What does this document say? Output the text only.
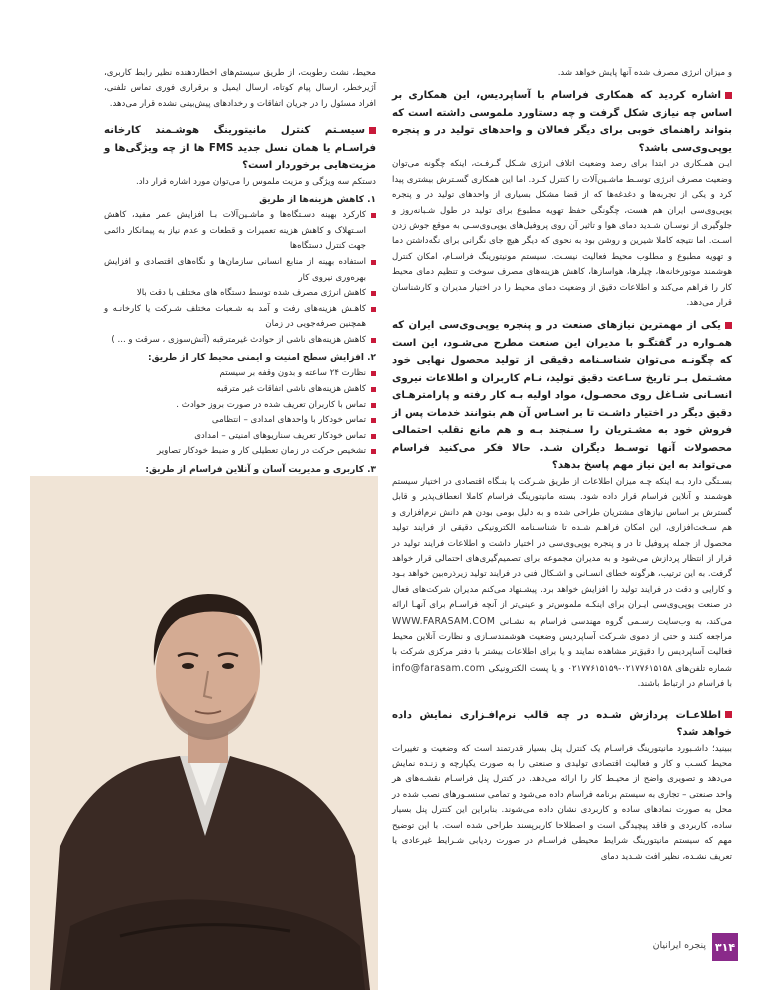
و میزان انرژی مصرف شده آنها پایش خواهد شد.

اشاره کردید که همکاری فراسام با آساپردیس، این همکاری بر اساس چه نیازی شکل گرفت و چه دستاورد ملموسی داشته است که بتواند راهنمای خوبی برای دیگر فعالان و واحدهای تولید در و پنجره یوپی‌وی‌سی باشد؟

ایـن همـکاری در ابتدا برای رصد وضعیت اتلاف انرژی شـکل گـرفـت، اینکه چگونه می‌توان وضعیت مصرف انرژی توسـط ماشـین‌آلات را کنترل کـرد. اما این همکاری گسـترش بیشتری پیدا کرد و یکی از تجربه‌ها و دغدغه‌ها که از قضا مشکل بسیاری از واحدهای تولید در و پنجره یوپی‌وی‌سی ایران هم هست، چگونگی حفظ تهویه مطبوع برای تولید در طول شـبانه‌روز و جلوگیری از نوسـان شـدید دمای هوا و تاثیر آن روی پروفیل‌های یوپی‌وی‌سـی به موقع جوش زدن اسـت. اما نتیجه کاملا شیرین و روشن بود به نحوی که دیگر هیچ جای نگرانی برای نگه‌داشتن دما و تهویه مطبوع و مطلوب محیط فعالیت نیسـت. سیستم مونیتورینگ فراسـام، امکان کنترل هوشمند موتورخانه‌ها، چیلرها، هواسازها، کاهش هزینه‌های مصرف سوخت و تنظیم دمای محیط کار را فراهم می‌کند و اطلاعات دقیق از وضعیت دمای محیط را در اختیار مدیران و کارشناسان قرار می‌دهد.

یکی از مهمترین نیازهای صنعت در و پنجره یوپی‌وی‌سی ایران که همـواره در گفتگـو با مدیران این صنعت مطرح می‌شـود، این است که چگونـه می‌توان شناسـنامه دقیقی از تولید محصول نهایی خود مشـتمل بـر تاریخ سـاعت دقیق تولید، نـام کاربران و اطلاعات نیروی انسـانی شـاغل روی محصـول، مواد اولیه بـه کار رفته و پارامترهـای دقیق دیگر در اختیار داشـت تا بر اسـاس آن هم بتوانند خدمات پس از فروش خود به مشـتریان را سـنجند بـه و هم مانع تقلب احتمالی محصولات آنها توسـط دیگران شـد. حالا فکر می‌کنید فراسام می‌تواند به این نیاز مهم پاسخ بدهد؟

بسـتگی دارد بـه اینکه چـه میزان اطلاعات از طریق شـرکت یا بنـگاه اقتصادی در اختیار سیستم هوشمند و آنلاین فراسام قرار داده شود. بسته مانیتورینگ فراسام کاملا انعطاف‌پذیر و قابل گسترش بر اساس نیازهای مشتریان طراحی شده و به دلیل بومی بودن هم دانش نرم‌افزاری و هم سـخت‌افزاری، این امکان فراهـم شـده تا شناسـنامه الکترونیکی دقیقی از فرایند تولید محصول از جمله پروفیل تا در و پنجره یوپی‌وی‌سی در اختیار داشت و اطلاعات فرایند تولید در قرار از انتظار پردازش می‌شود و به مدیران مجموعه برای تصمیم‌گیری‌های احتمالی قرار خواهد گرفت. به این ترتیب، هرگونه خطای انسـانی و اشـکال فنی در فرایند تولید زیرذره‌بین خواهد بـود و کارایی و دقت در فرایند تولید را افزایش خواهد برد. پیشـنهاد می‌کنم مدیران شرکت‌های فعال در صنعت یوپی‌وی‌سی ایـران برای اینکـه ملموس‌تر و عینی‌تر از آنچه فراسـام برای آنهـا ارائه می‌کند، به وب‌سایت رسـمی گروه مهندسی فراسام به نشـانی WWW.FARASAM.COM مراجعه کنند و حتی از دموی شـرکت آساپردیس وضعیت هوشمندسـازی و نظارت آنلاین محیط فعالیت آساپردیس را دقیق‌تر مشاهده نمایند و یا برای اطلاعات بیشتر با دفتر مرکزی شرکت با شماره تلفن‌های ۰۲۱۷۷۶۱۵۱۵۸-۰۲۱۷۷۶۱۵۱۵۹ و یا پست الکترونیکی info@farasam.com با فراسام در ارتباط باشند.

اطلاعـات پردازش شـده در چه قالب نرم‌افـزاری نمایش داده خواهد شد؟

ببینید؛ داشـبورد مانیتورینگ فراسـام یک کنترل پنل بسیار قدرتمند است که وضعیت و تغییرات محیط کسـب و کار و فعالیت اقتصادی تولیدی و صنعتی را به صورت یکپارچه و زنـده نمایش می‌دهد و تصویری واضح از محیـط کار را ارائه می‌دهد. در کنترل پنل فراسـام نقشـه‌های هر واحد صنعتی – تجاری به سیستم برنامه فراسام داده می‌شود و تمامی سنسـورهای نصب شده در محل به صورت نمادهای ساده و کاربردی نشان داده می‌شوند. بنابراین این کنترل پنل بسیار ساده، کاربردی و فاقد پیچیدگی است و اصطلاحا کاربرپسند طراحی شده است. با این توضیح مهم که سیستم مانیتورینگ شرایط محیطی فراسـام در صورت ردیابی شـرایط غیرعادی یا تعریف نشـده، نظیر افت شـدید دمای

محیط، نشت رطوبت، از طریق سیستم‌های اخطاردهنده نظیر رابط کاربری، آژیرخطر، ارسال پیام کوتاه، ارسال ایمیل و برقراری فوری تماس تلفنی، افراد مسئول را در جریان اتفاقات و رخدادهای پیش‌بینی نشده قرار می‌دهد.

سیسـتم کنترل مانیتورینگ هوشـمند کارخانه فراسـام یا همان نسل جدید FMS ها از چه ویژگی‌ها و مزیت‌هایی برخوردار است؟

دستکم سه ویژگی و مزیت ملموس را می‌توان مورد اشاره قرار داد.

۱. کاهش هزینه‌ها از طریق

کارکرد بهینه دسـتگاه‌ها و ماشـین‌آلات بـا افزایش عمر مفید، کاهش اسـتهلاک و کاهش هزینه تعمیرات و قطعات و عدم نیاز به پیمانکار دائمی جهت کنترل دستگاه‌ها
استفاده بهینه از منابع انسانی سازمان‌ها و نگاه‌های اقتصادی و افزایش بهره‌وری نیروی کار
کاهش انرژی مصرف شده توسط دستگاه های مختلف با دقت بالا
کاهـش هزینه‌های رفت و آمد به شـعبات مختلف شـرکت یا کارخانـه و همچنین صرفه‌جویی در زمان
کاهش هزینه‌های ناشی از حوادث غیرمترقبه (آتش‌سوزی ، سرقت و ... )

۲. افزایش سطح امنیت و ایمنی محیط کار از طریق:

نظارت ۲۴ ساعته و بدون وقفه بر سیستم
کاهش هزینه‌های ناشی اتفاقات غیر مترقبه
تماس با کاربران تعریف شده در صورت بروز حوادث .
تماس خودکار با واحدهای امدادی – انتظامی
تماس خودکار تعریف سناریوهای امنیتی – امدادی
تشخیص حرکت در زمان تعطیلی کار و ضبط خودکار تصاویر

۳. کاربری و مدیریت آسان و آنلاین فراسام از طریق:

۳۱۴
پنجره ایرانیان
